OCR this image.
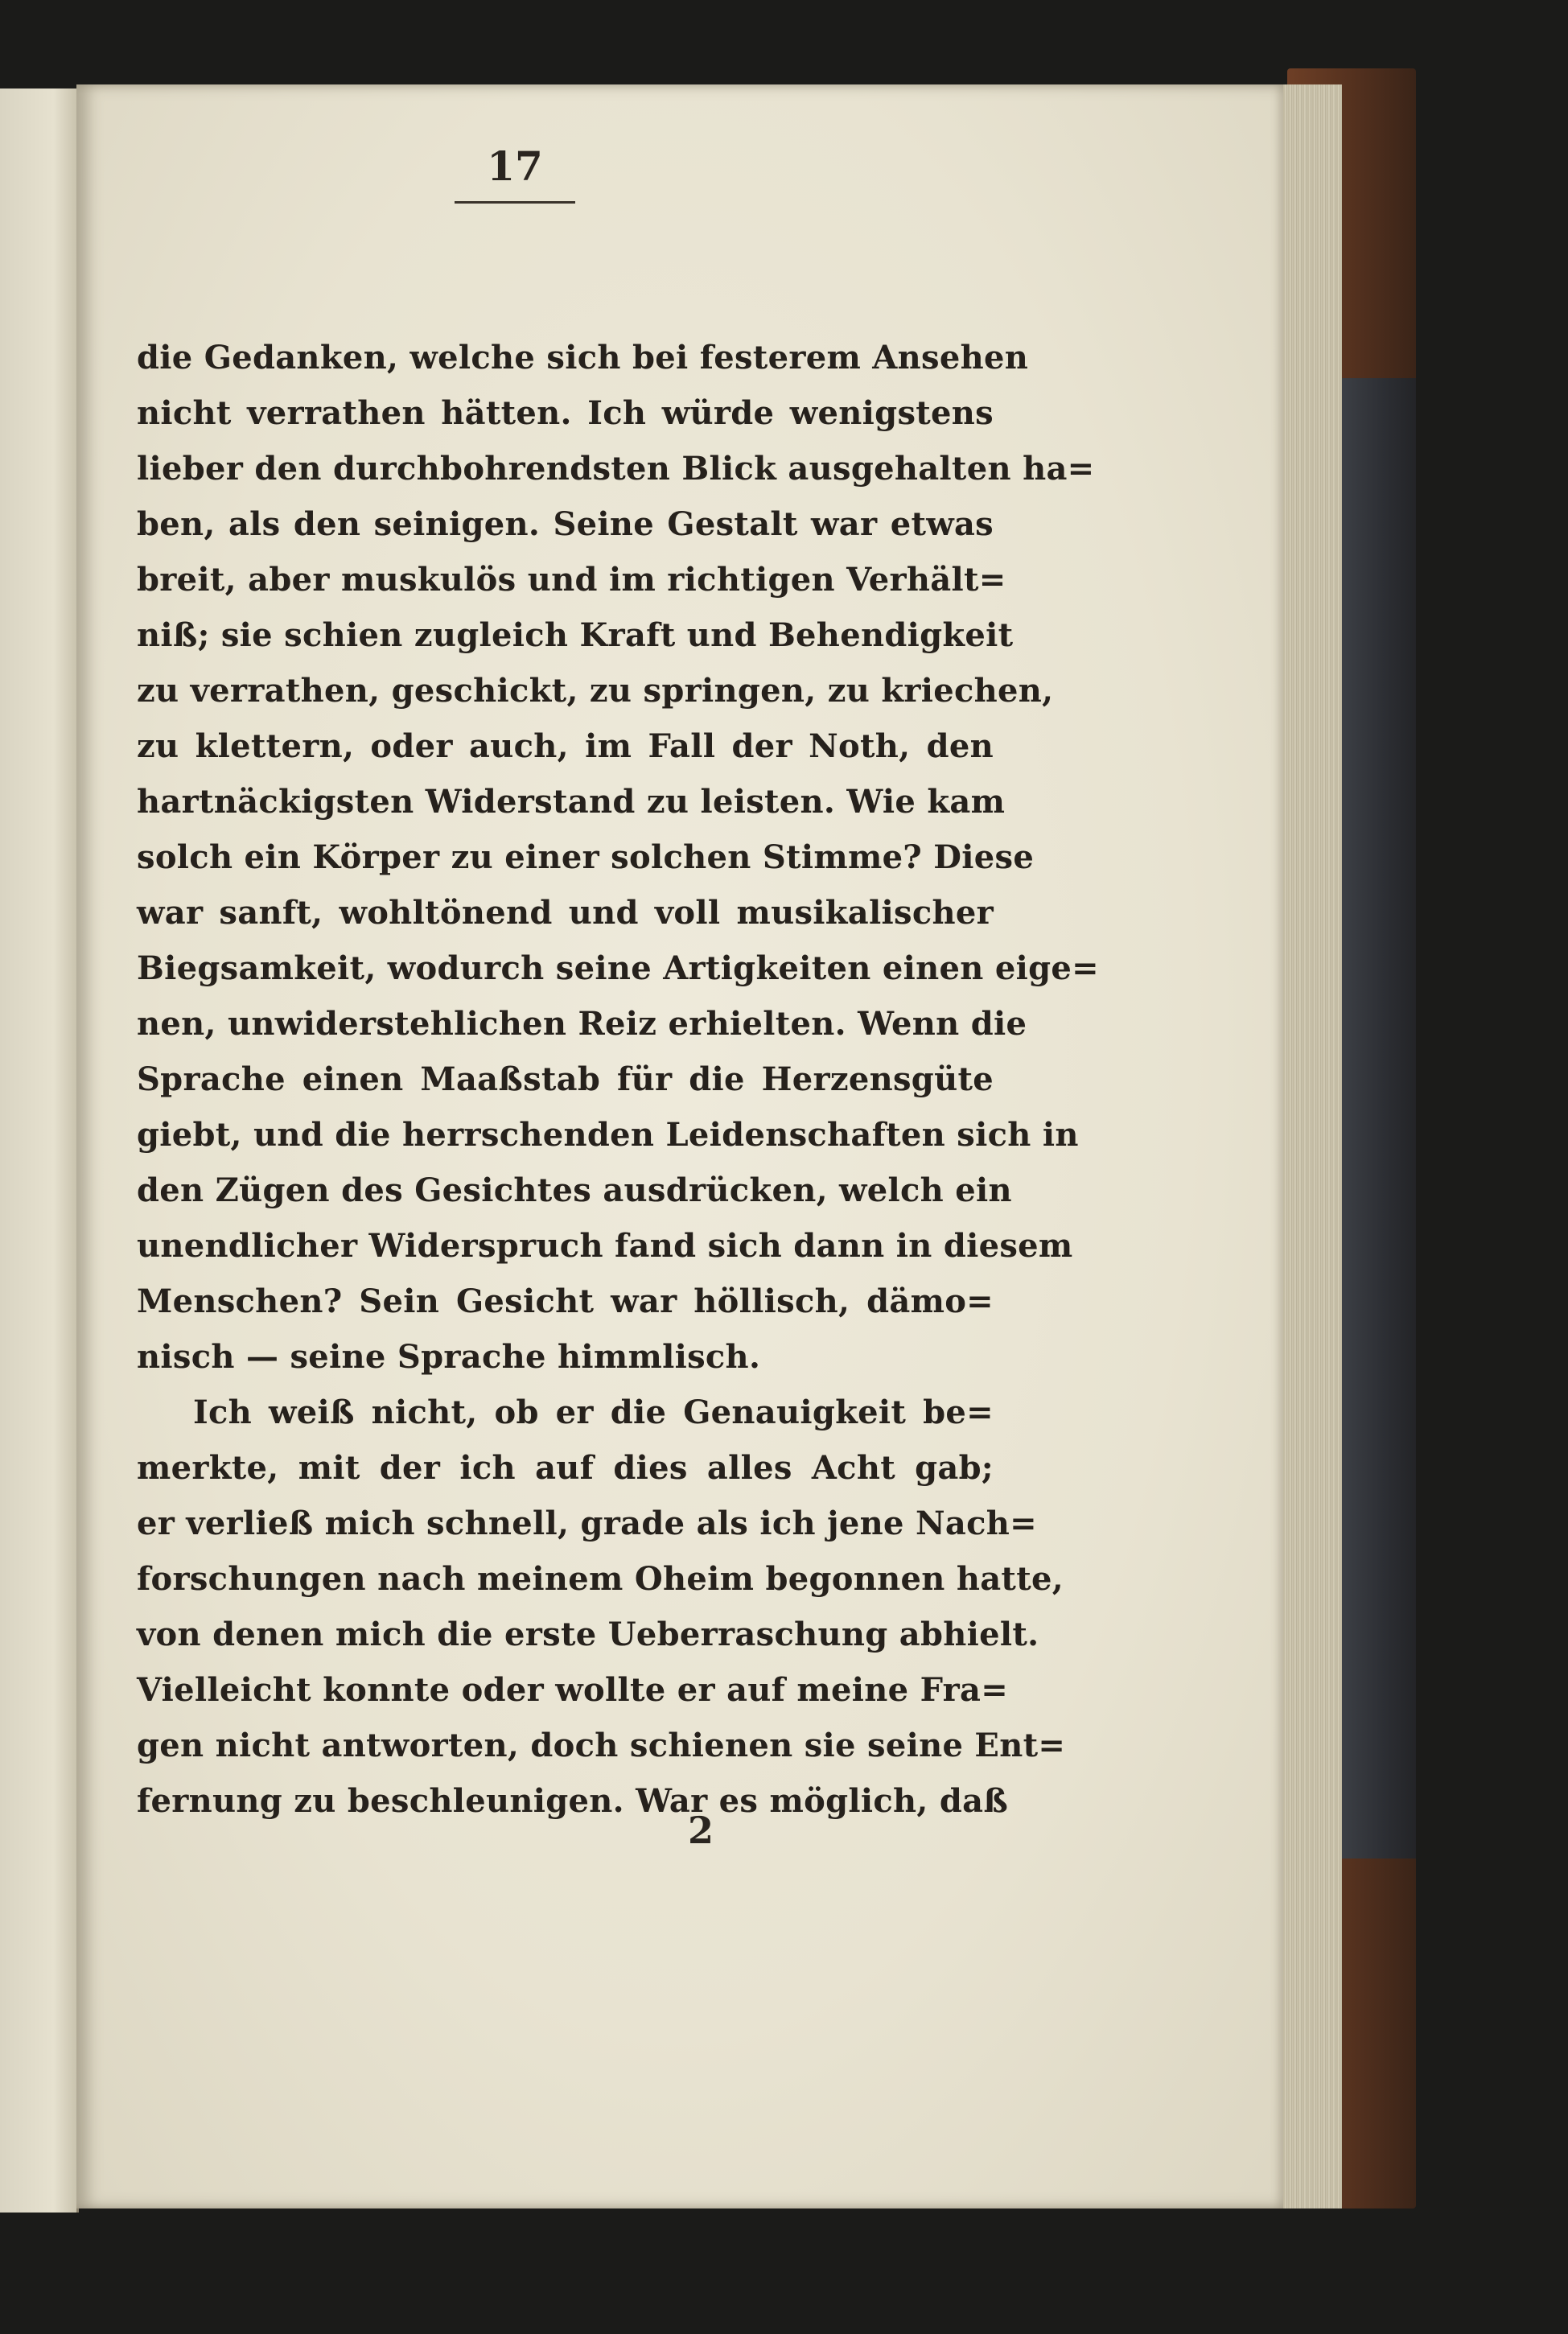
17
die Gedanken, welche sich bei festerem Ansehen
nicht verrathen hätten. Ich würde wenigstens
lieber den durchbohrendsten Blick ausgehalten ha=
ben, als den seinigen. Seine Gestalt war etwas
breit, aber muskulös und im richtigen Verhält=
niß; sie schien zugleich Kraft und Behendigkeit
zu verrathen, geschickt, zu springen, zu kriechen,
zu klettern, oder auch, im Fall der Noth, den
hartnäckigsten Widerstand zu leisten. Wie kam
solch ein Körper zu einer solchen Stimme? Diese
war sanft, wohltönend und voll musikalischer
Biegsamkeit, wodurch seine Artigkeiten einen eige=
nen, unwiderstehlichen Reiz erhielten. Wenn die
Sprache einen Maaßstab für die Herzensgüte
giebt, und die herrschenden Leidenschaften sich in
den Zügen des Gesichtes ausdrücken, welch ein
unendlicher Widerspruch fand sich dann in diesem
Menschen? Sein Gesicht war höllisch, dämo=
nisch — seine Sprache himmlisch.
Ich weiß nicht, ob er die Genauigkeit be=
merkte, mit der ich auf dies alles Acht gab;
er verließ mich schnell, grade als ich jene Nach=
forschungen nach meinem Oheim begonnen hatte,
von denen mich die erste Ueberraschung abhielt.
Vielleicht konnte oder wollte er auf meine Fra=
gen nicht antworten, doch schienen sie seine Ent=
fernung zu beschleunigen. War es möglich, daß
2
